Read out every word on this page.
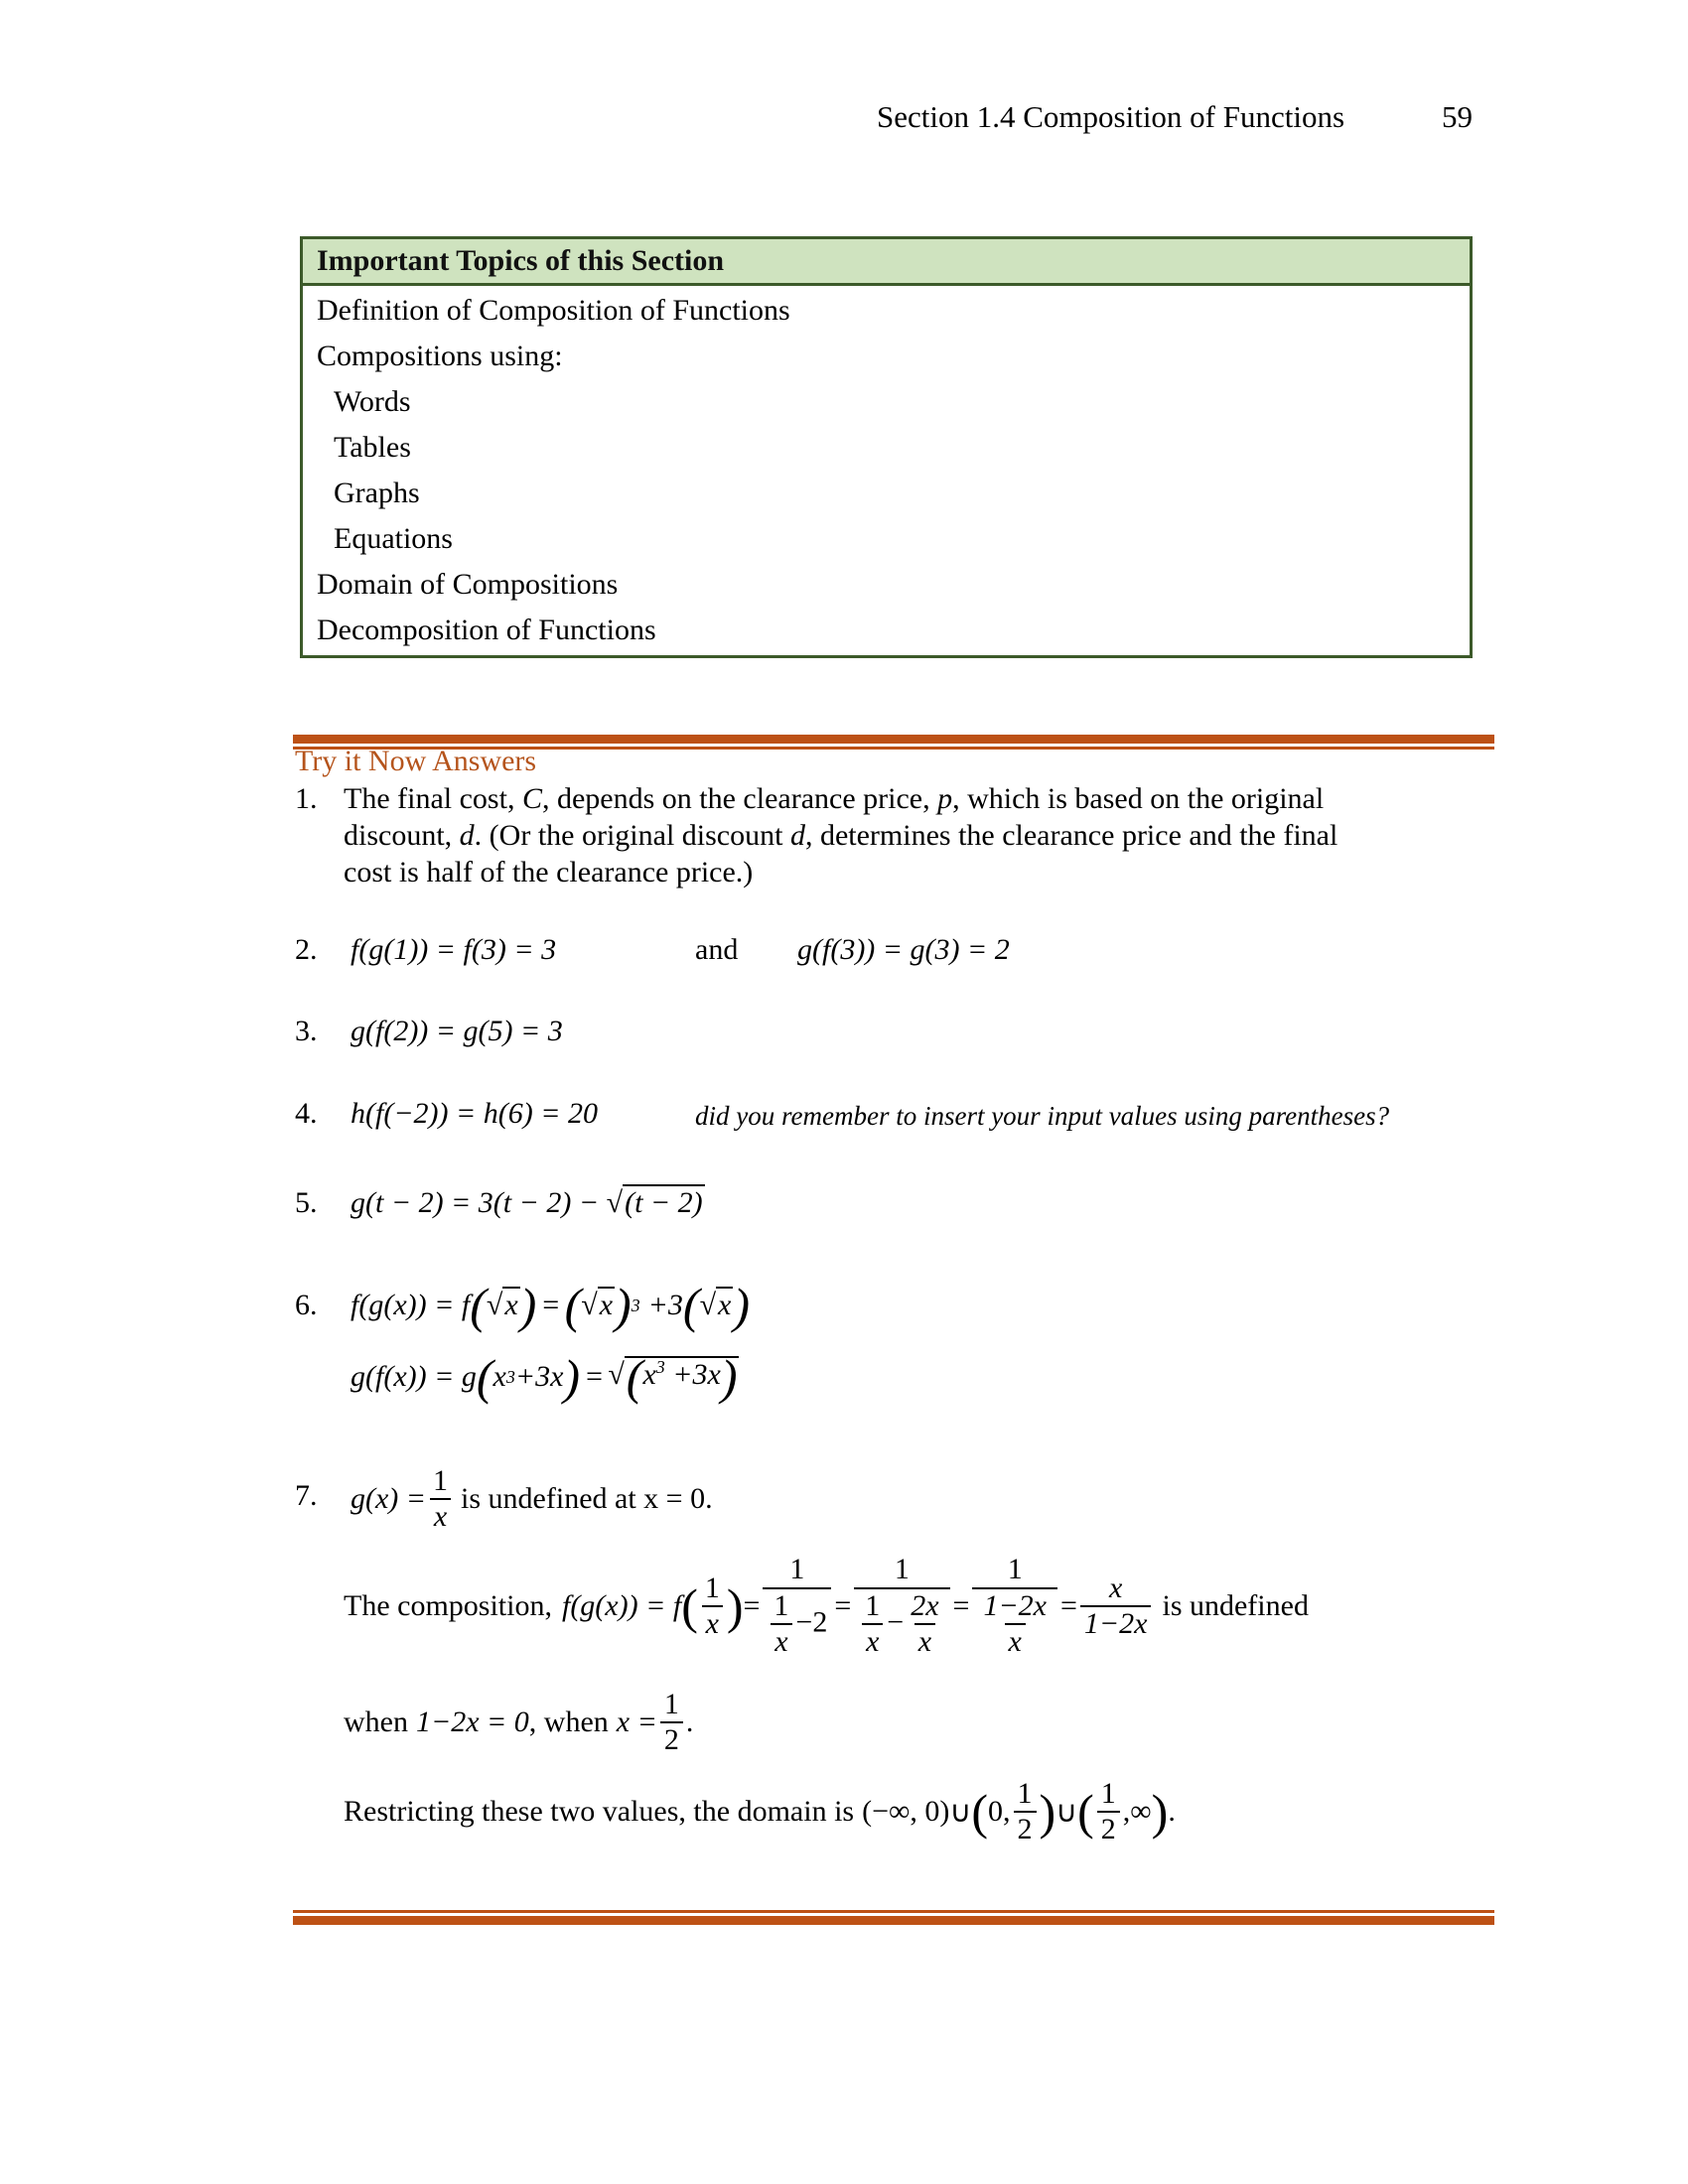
Section 1.4 Composition of Functions	59
Important Topics of this Section
Definition of Composition of Functions
Compositions using:
Words
Tables
Graphs
Equations
Domain of Compositions
Decomposition of Functions
Try it Now Answers
1. The final cost, C, depends on the clearance price, p, which is based on the original
discount, d. (Or the original discount d, determines the clearance price and the final
cost is half of the clearance price.)
2. f(g(1)) = f(3) = 3	and g(f(3)) = g(3) = 2
3. g(f(2)) = g(5) = 3
4. h(f(−2)) = h(6) = 20	did you remember to insert your input values using parentheses?
5. g(t − 2) = 3(t − 2) − √(t − 2)
6. f(g(x)) = f ( √x ) = ( √x ) 3 +3 ( √x )
g(f(x)) = g ( x 3 +3x ) = $√(x^3 +3x)$
7. $g(x) = \frac{1}{x}$ is undefined at x = 0.
The composition, f(g(x)) = f ( $\frac{1}{x}$ ) = $\frac{1}{\frac{1}{x} -2} = \frac{1}{\frac{1}{x} - \frac{2x}{x}} = \frac{1}{\frac{1-2x}{x}} = \frac{x}{1-2x}$ is undefined
when 1−2x = 0 , when $x = \frac{1}{2}$ .
Restricting these two values, the domain is (−∞, 0) ∪ ( 0, $\frac{1}{2}$ ) ∪ ( $\frac{1}{2}$ ,∞ ) .
